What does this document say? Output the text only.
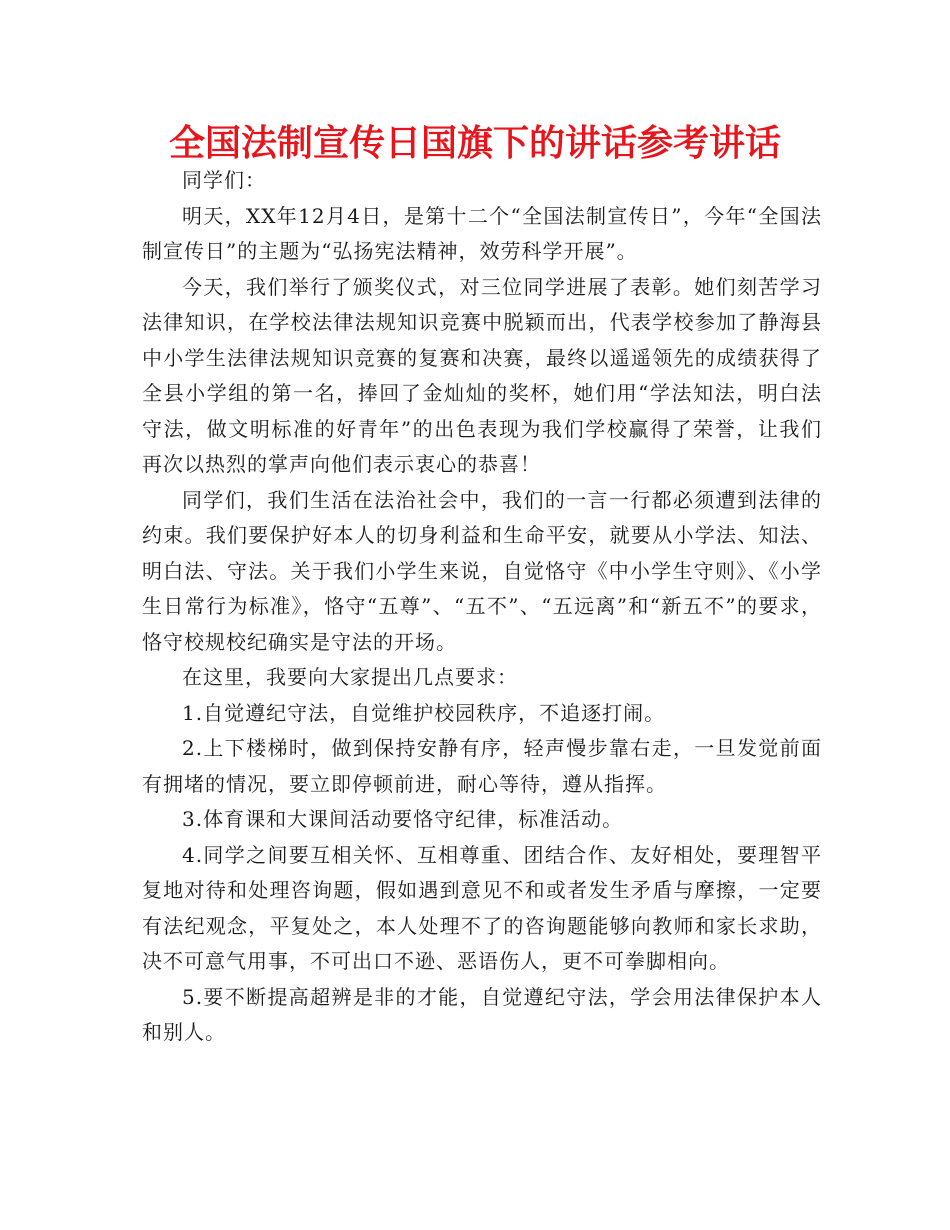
全国法制宣传日国旗下的讲话参考讲话

同学们：

明天，XX年12月4日，是第十二个“全国法制宣传日”，今年“全国法制宣传日”的主题为“弘扬宪法精神，效劳科学开展”。

今天，我们举行了颁奖仪式，对三位同学进展了表彰。她们刻苦学习法律知识，在学校法律法规知识竞赛中脱颖而出，代表学校参加了静海县中小学生法律法规知识竞赛的复赛和决赛，最终以遥遥领先的成绩获得了全县小学组的第一名，捧回了金灿灿的奖杯，她们用“学法知法，明白法守法，做文明标准的好青年”的出色表现为我们学校赢得了荣誉，让我们再次以热烈的掌声向他们表示衷心的恭喜！

同学们，我们生活在法治社会中，我们的一言一行都必须遭到法律的约束。我们要保护好本人的切身利益和生命平安，就要从小学法、知法、明白法、守法。关于我们小学生来说，自觉恪守《中小学生守则》、《小学生日常行为标准》，恪守“五尊”、“五不”、“五远离”和“新五不”的要求，恪守校规校纪确实是守法的开场。

在这里，我要向大家提出几点要求：

1.自觉遵纪守法，自觉维护校园秩序，不追逐打闹。

2.上下楼梯时，做到保持安静有序，轻声慢步靠右走，一旦发觉前面有拥堵的情况，要立即停顿前进，耐心等待，遵从指挥。

3.体育课和大课间活动要恪守纪律，标准活动。

4.同学之间要互相关怀、互相尊重、团结合作、友好相处，要理智平复地对待和处理咨询题，假如遇到意见不和或者发生矛盾与摩擦，一定要有法纪观念，平复处之，本人处理不了的咨询题能够向教师和家长求助，决不可意气用事，不可出口不逊、恶语伤人，更不可拳脚相向。

5.要不断提高超辨是非的才能，自觉遵纪守法，学会用法律保护本人和别人。
